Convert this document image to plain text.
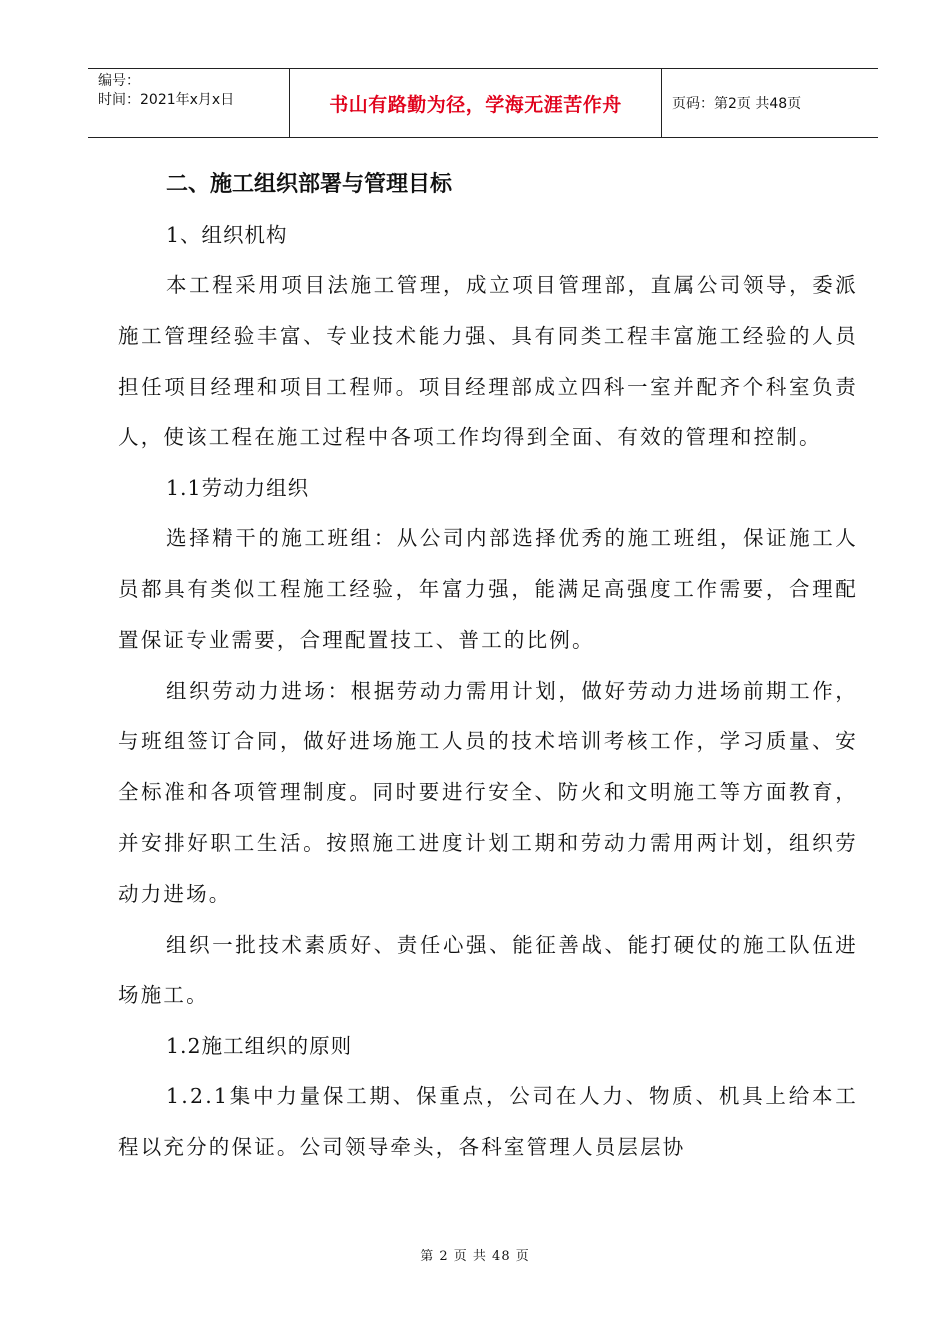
编号：
时间：2021年x月x日	书山有路勤为径，学海无涯苦作舟	页码：第2页 共48页
二、施工组织部署与管理目标
1、组织机构

本工程采用项目法施工管理，成立项目管理部，直属公司领导，委派施工管理经验丰富、专业技术能力强、具有同类工程丰富施工经验的人员担任项目经理和项目工程师。项目经理部成立四科一室并配齐个科室负责人，使该工程在施工过程中各项工作均得到全面、有效的管理和控制。

1.1劳动力组织

选择精干的施工班组：从公司内部选择优秀的施工班组，保证施工人员都具有类似工程施工经验，年富力强，能满足高强度工作需要，合理配置保证专业需要，合理配置技工、普工的比例。

组织劳动力进场：根据劳动力需用计划，做好劳动力进场前期工作，与班组签订合同，做好进场施工人员的技术培训考核工作，学习质量、安全标准和各项管理制度。同时要进行安全、防火和文明施工等方面教育，并安排好职工生活。按照施工进度计划工期和劳动力需用两计划，组织劳动力进场。

组织一批技术素质好、责任心强、能征善战、能打硬仗的施工队伍进场施工。

1.2施工组织的原则

1.2.1集中力量保工期、保重点，公司在人力、物质、机具上给本工程以充分的保证。公司领导牵头，各科室管理人员层层协

第 2 页 共 48 页
